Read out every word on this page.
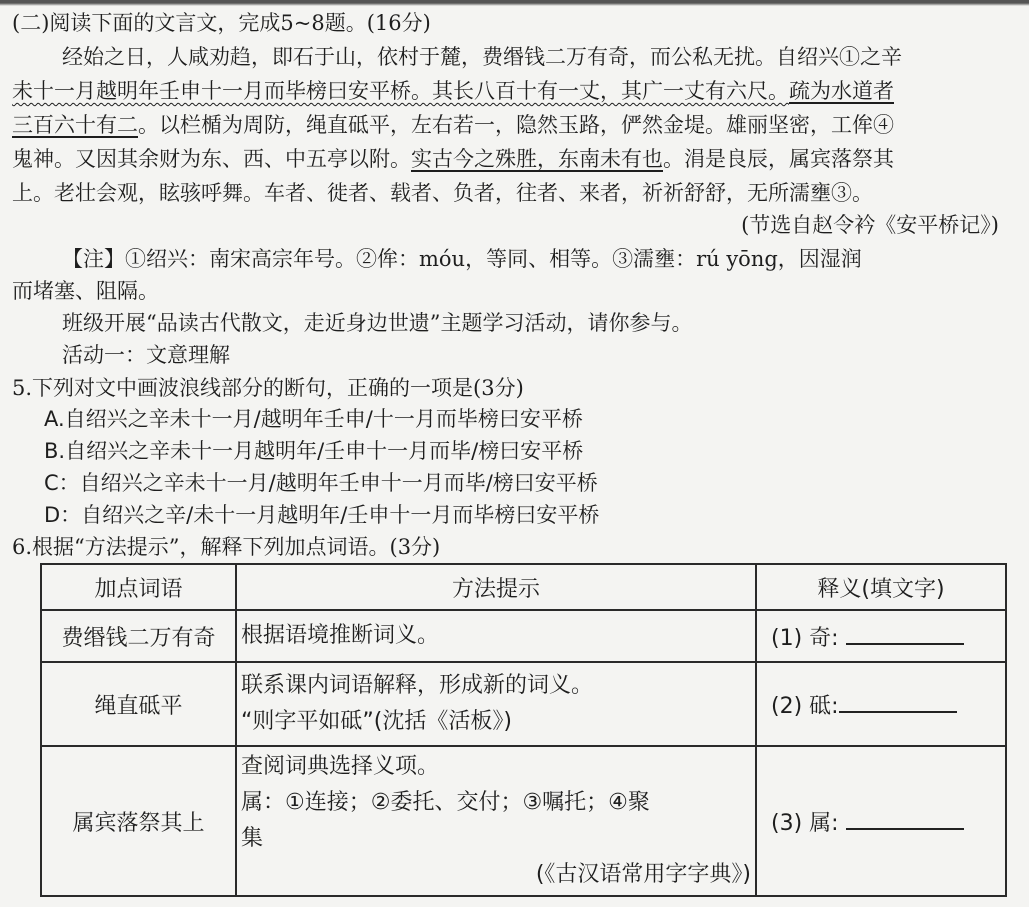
(二)阅读下面的文言文，完成5~8题。(16分)
经始之日，人咸劝趋，即石于山，依村于麓，费缗钱二万有奇，而公私无扰。自绍兴①之辛
未十一月越明年壬申十一月而毕榜曰安平桥。其长八百十有一丈，其广一丈有六尺。疏为水道者
三百六十有二。以栏楯为周防，绳直砥平，左右若一，隐然玉路，俨然金堤。雄丽坚密，工侔④
鬼神。又因其余财为东、西、中五亭以附。实古今之殊胜，东南未有也。涓是良辰，属宾落祭其
上。老壮会观，眩骇呼舞。车者、徙者、载者、负者，往者、来者，祈祈舒舒，无所濡壅③。
(节选自赵令衿《安平桥记》)
【注】①绍兴：南宋高宗年号。②侔：móu，等同、相等。③濡壅：rú yōng，因湿润
而堵塞、阻隔。
班级开展“品读古代散文，走近身边世遗”主题学习活动，请你参与。
活动一：文意理解
5.下列对文中画波浪线部分的断句，正确的一项是(3分)
A.自绍兴之辛未十一月/越明年壬申/十一月而毕榜曰安平桥
B.自绍兴之辛未十一月越明年/壬申十一月而毕/榜曰安平桥
C：自绍兴之辛未十一月/越明年壬申十一月而毕/榜曰安平桥
D：自绍兴之辛/未十一月越明年/壬申十一月而毕榜曰安平桥
6.根据“方法提示”，解释下列加点词语。(3分)
加点词语	方法提示	释义(填文字)
费缗钱二万有奇	根据语境推断词义。	(1) 奇:
绳直砥平	联系课内词语解释，形成新的词义。
“则字平如砥”(沈括《活板》)	(2) 砥:
属宾落祭其上	查阅词典选择义项。
属：①连接；②委托、交付；③嘱托；④聚
集
(《古汉语常用字字典》)	(3) 属:
